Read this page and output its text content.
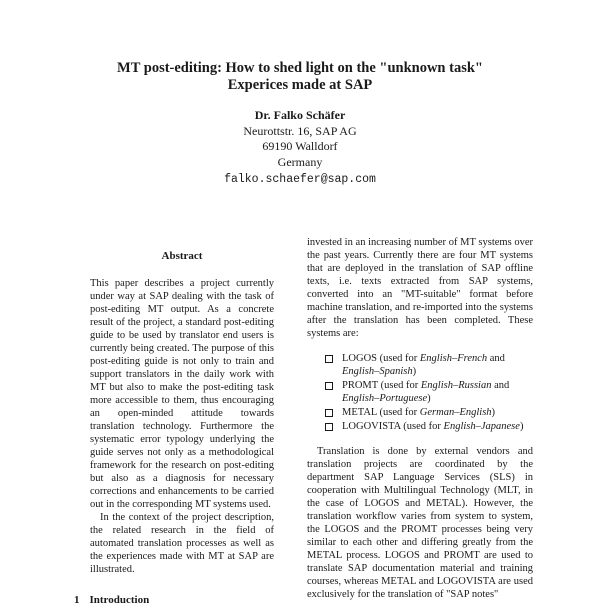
MT post-editing: How to shed light on the "unknown task"
Experices made at SAP
Dr. Falko Schäfer
Neurottstr. 16, SAP AG
69190 Walldorf
Germany
falko.schaefer@sap.com
Abstract

This paper describes a project currently under way at SAP dealing with the task of post-editing MT output. As a concrete result of the project, a standard post-editing guide to be used by translator end users is currently being created. The purpose of this post-editing guide is not only to train and support translators in the daily work with MT but also to make the post-editing task more accessible to them, thus encouraging an open-minded attitude towards translation technology. Furthermore the systematic error typology underlying the guide serves not only as a methodological framework for the research on post-editing but also as a diagnosis for necessary corrections and enhancements to be carried out in the corresponding MT systems used.

In the context of the project description, the related research in the field of automated translation processes as well as the experiences made with MT at SAP are illustrated.

invested in an increasing number of MT systems over the past years. Currently there are four MT systems that are deployed in the translation of SAP offline texts, i.e. texts extracted from SAP systems, converted into an "MT-suitable" format before machine translation, and re-imported into the systems after the translation has been completed. These systems are:

LOGOS (used for English–French and English–Spanish)
PROMT (used for English–Russian and English–Portuguese)
METAL (used for German–English)
LOGOVISTA (used for English–Japanese)

Translation is done by external vendors and translation projects are coordinated by the department SAP Language Services (SLS) in cooperation with Multilingual Technology (MLT, in the case of LOGOS and METAL). However, the translation workflow varies from system to system, the LOGOS and the PROMT processes being very similar to each other and differing greatly from the METAL process. LOGOS and PROMT are used to translate SAP documentation material and training courses, whereas METAL and LOGOVISTA are used exclusively for the translation of "SAP notes"

1 Introduction
